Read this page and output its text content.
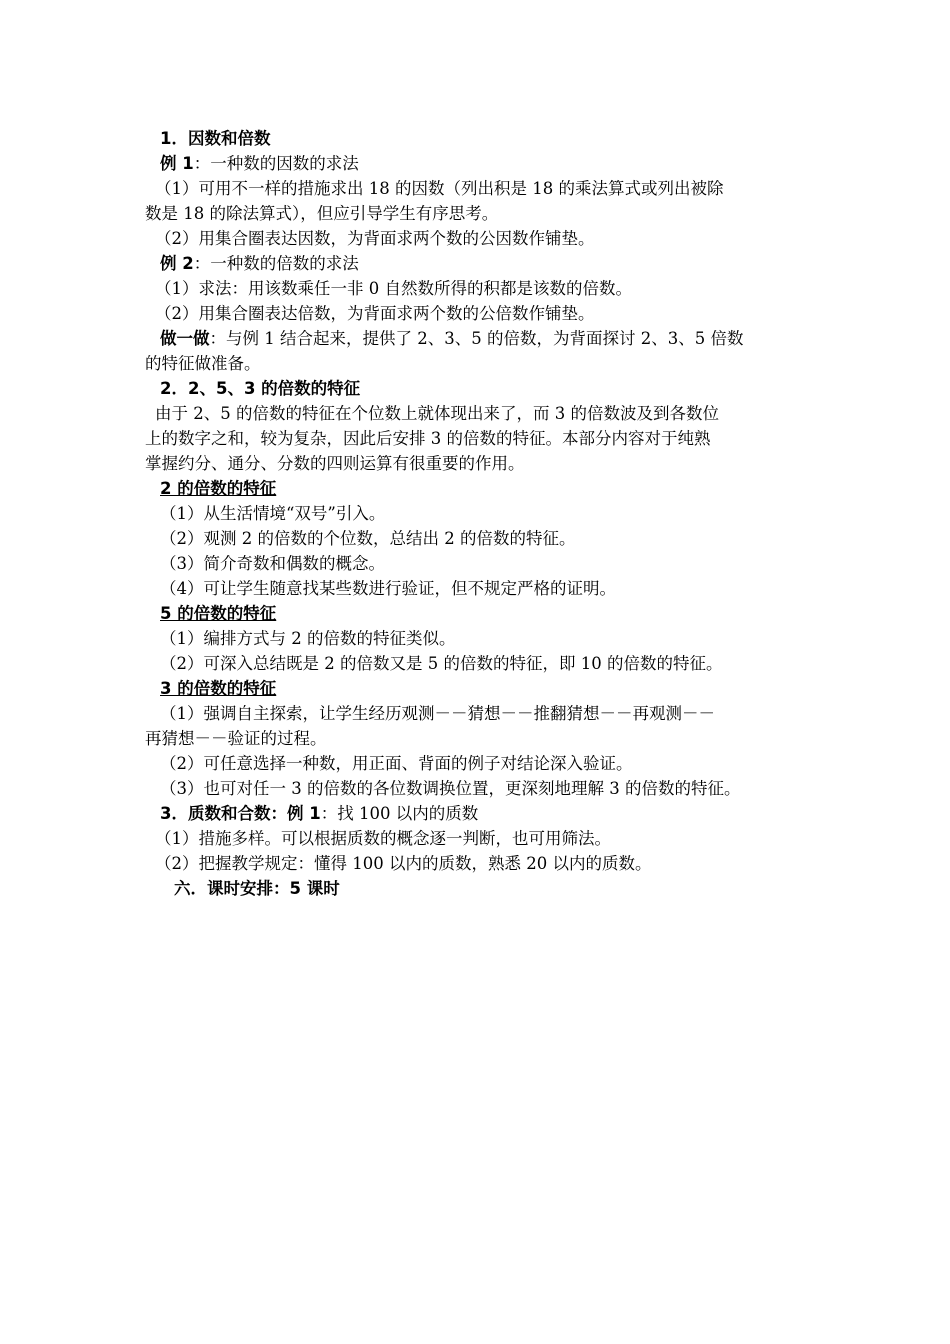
1．因数和倍数
例 1：一种数的因数的求法
（1）可用不一样的措施求出 18 的因数（列出积是 18 的乘法算式或列出被除
数是 18 的除法算式），但应引导学生有序思考。
（2）用集合圈表达因数，为背面求两个数的公因数作铺垫。
例 2：一种数的倍数的求法
（1）求法：用该数乘任一非 0 自然数所得的积都是该数的倍数。
（2）用集合圈表达倍数，为背面求两个数的公倍数作铺垫。
做一做：与例 1 结合起来，提供了 2、3、5 的倍数，为背面探讨 2、3、5 倍数
的特征做准备。
2．2、5、3 的倍数的特征
由于 2、5 的倍数的特征在个位数上就体现出来了，而 3 的倍数波及到各数位
上的数字之和，较为复杂，因此后安排 3 的倍数的特征。本部分内容对于纯熟
掌握约分、通分、分数的四则运算有很重要的作用。
2 的倍数的特征
（1）从生活情境“双号”引入。
（2）观测 2 的倍数的个位数，总结出 2 的倍数的特征。
（3）简介奇数和偶数的概念。
（4）可让学生随意找某些数进行验证，但不规定严格的证明。
5 的倍数的特征
（1）编排方式与 2 的倍数的特征类似。
（2）可深入总结既是 2 的倍数又是 5 的倍数的特征，即 10 的倍数的特征。
3 的倍数的特征
（1）强调自主探索，让学生经历观测－－猜想－－推翻猜想－－再观测－－
再猜想－－验证的过程。
（2）可任意选择一种数，用正面、背面的例子对结论深入验证。
（3）也可对任一 3 的倍数的各位数调换位置，更深刻地理解 3 的倍数的特征。
3．质数和合数：例 1：找 100 以内的质数
（1）措施多样。可以根据质数的概念逐一判断，也可用筛法。
（2）把握教学规定：懂得 100 以内的质数，熟悉 20 以内的质数。
六．课时安排：5 课时
